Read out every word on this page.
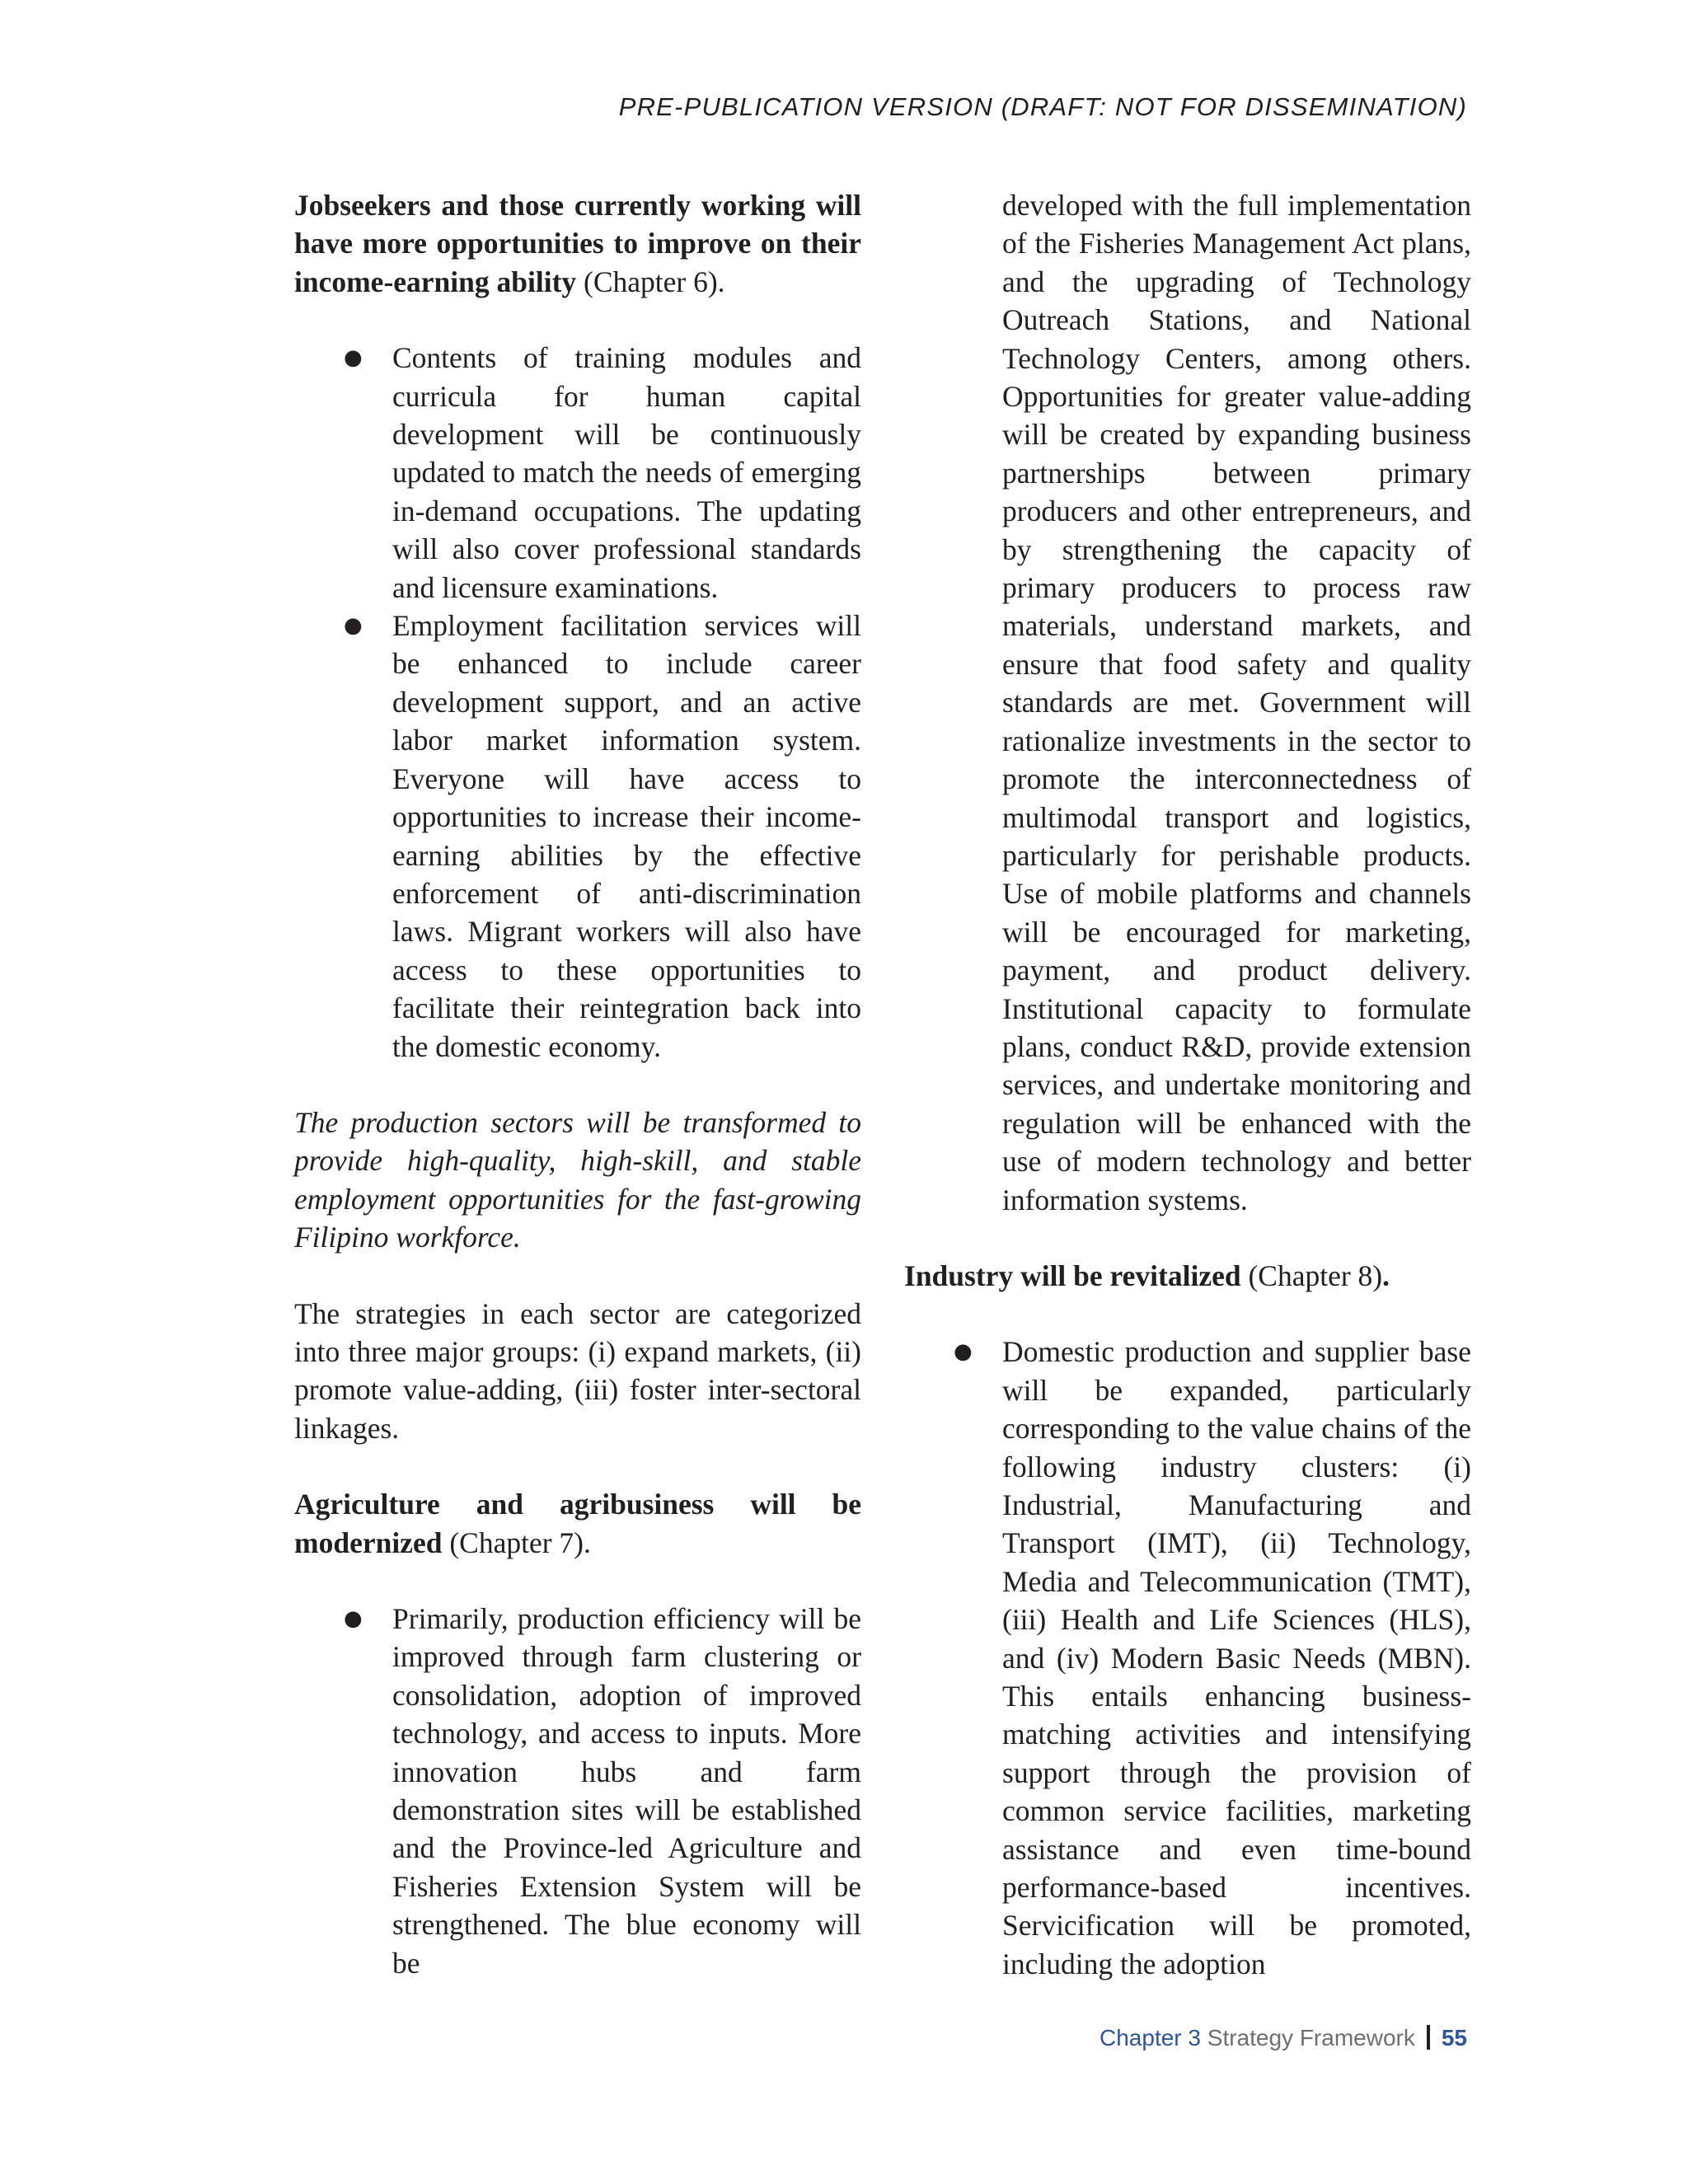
PRE-PUBLICATION VERSION (DRAFT: NOT FOR DISSEMINATION)

Jobseekers and those currently working will have more opportunities to improve on their income-earning ability (Chapter 6).

● Contents of training modules and curricula for human capital development will be continuously updated to match the needs of emerging in-demand occupations. The updating will also cover professional standards and licensure examinations.
● Employment facilitation services will be enhanced to include career development support, and an active labor market information system. Everyone will have access to opportunities to increase their income-earning abilities by the effective enforcement of anti-discrimination laws. Migrant workers will also have access to these opportunities to facilitate their reintegration back into the domestic economy.

The production sectors will be transformed to provide high-quality, high-skill, and stable employment opportunities for the fast-growing Filipino workforce.

The strategies in each sector are categorized into three major groups: (i) expand markets, (ii) promote value-adding, (iii) foster inter-sectoral linkages.

Agriculture and agribusiness will be modernized (Chapter 7).

● Primarily, production efficiency will be improved through farm clustering or consolidation, adoption of improved technology, and access to inputs. More innovation hubs and farm demonstration sites will be established and the Province-led Agriculture and Fisheries Extension System will be strengthened. The blue economy will be

developed with the full implementation of the Fisheries Management Act plans, and the upgrading of Technology Outreach Stations, and National Technology Centers, among others. Opportunities for greater value-adding will be created by expanding business partnerships between primary producers and other entrepreneurs, and by strengthening the capacity of primary producers to process raw materials, understand markets, and ensure that food safety and quality standards are met. Government will rationalize investments in the sector to promote the interconnectedness of multimodal transport and logistics, particularly for perishable products. Use of mobile platforms and channels will be encouraged for marketing, payment, and product delivery. Institutional capacity to formulate plans, conduct R&D, provide extension services, and undertake monitoring and regulation will be enhanced with the use of modern technology and better information systems.

Industry will be revitalized (Chapter 8).

● Domestic production and supplier base will be expanded, particularly corresponding to the value chains of the following industry clusters: (i) Industrial, Manufacturing and Transport (IMT), (ii) Technology, Media and Telecommunication (TMT), (iii) Health and Life Sciences (HLS), and (iv) Modern Basic Needs (MBN). This entails enhancing business-matching activities and intensifying support through the provision of common service facilities, marketing assistance and even time-bound performance-based incentives. Servicification will be promoted, including the adoption
Chapter 3 Strategy Framework 55
